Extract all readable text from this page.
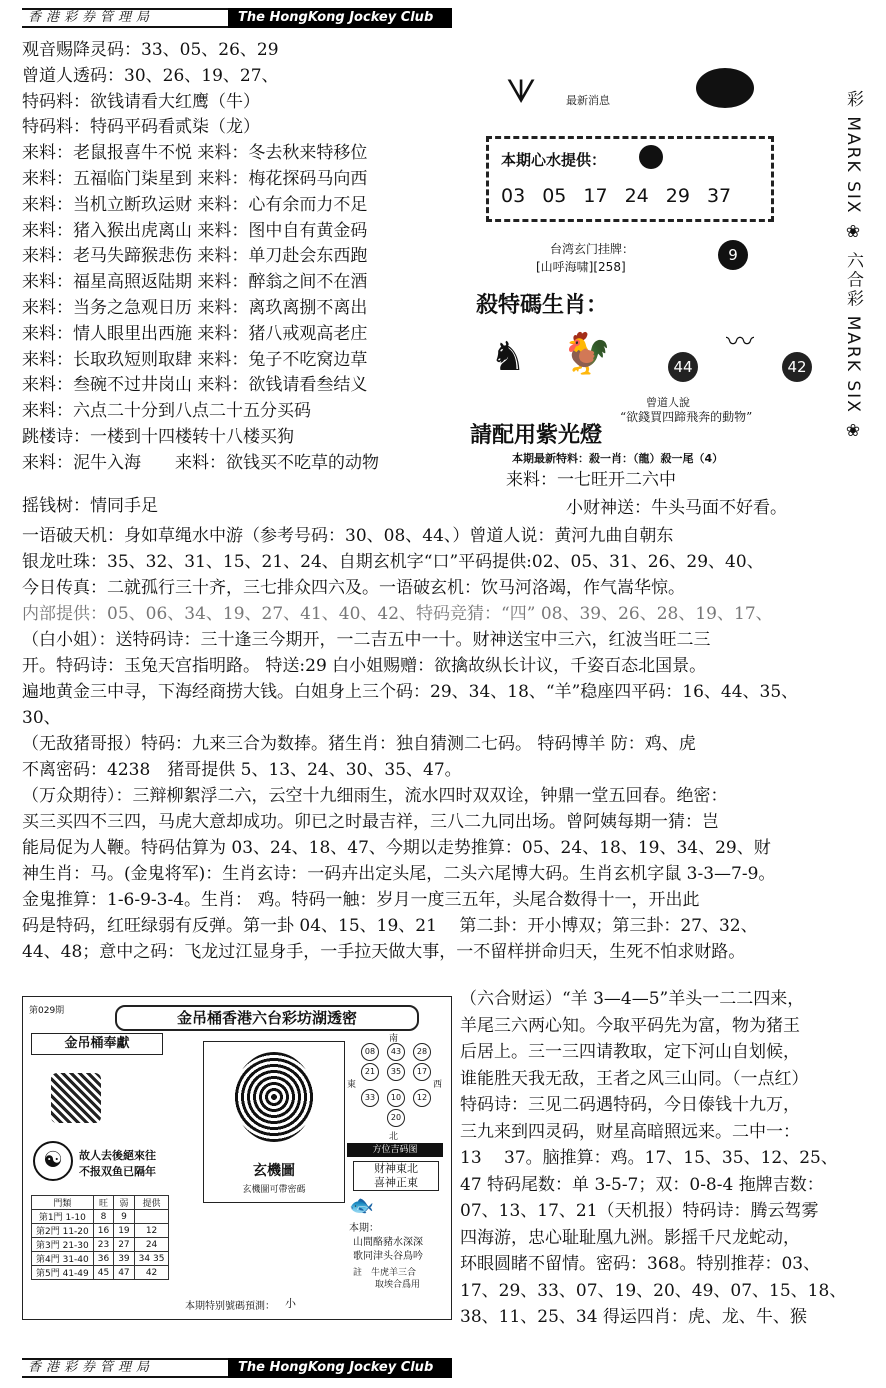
香港彩券管理局	The HongKong Jockey Club
观音赐降灵码：33、05、26、29
曾道人透码：30、26、19、27、
特码料：欲钱请看大红鹰（牛）
特码料：特码平码看贰柒（龙）
来料：老鼠报喜牛不悦 来料：冬去秋来特移位
来料：五福临门柒星到 来料：梅花探码马向西
来料：当机立断玖运财 来料：心有余而力不足
来料：猪入猴出虎离山 来料：图中自有黄金码
来料：老马失蹄猴悲伤 来料：单刀赴会东西跑
来料：福星高照返陆期 来料：醉翁之间不在酒
来料：当务之急观日历 来料：离玖离捌不离出
来料：情人眼里出西施 来料：猪八戒观高老庄
来料：长取玖短则取肆 来料：兔子不吃窝边草
来料：叁碗不过井岗山 来料：欲钱请看叁结义
来料：六点二十分到八点二十五分买码
跳楼诗：一楼到十四楼转十八楼买狗
来料：泥牛入海　　来料：欲钱买不吃草的动物
来料：一七旺开二六中
摇钱树：情同手足	小财神送：牛头马面不好看。
ᗐ	最新消息
本期心水提供：
03 05 17 24 29 37
台湾玄门挂牌：
[山呼海啸][258]
9
殺特碼生肖：
♞ 🐓	〰
44	42
曾道人說
“欲錢買四蹄飛奔的動物”
請配用紫光燈
本期最新特料：殺一肖：（龍）殺一尾（4）
彩 MARK SIX ❀ 六合彩 MARK SIX ❀

一语破天机：身如草绳水中游（参考号码：30、08、44、）曾道人说：黄河九曲自朝东

银龙吐珠：35、32、31、15、21、24、自期玄机字“口”平码提供:02、05、31、26、29、40、

今日传真：二就孤行三十齐，三七排众四六及。一语破玄机：饮马河洛竭，作气嵩华惊。

内部提供：05、06、34、19、27、41、40、42、特码竞猜：“四” 08、39、26、28、19、17、

（白小姐）：送特码诗：三十逢三今期开，一二吉五中一十。财神送宝中三六，红波当旺二三

开。特码诗：玉兔天宫指明路。 特送:29 白小姐赐赠：欲擒故纵长计议，千姿百态北国景。

遍地黄金三中寻，下海经商捞大钱。白姐身上三个码：29、34、18、“羊”稳座四平码：16、44、35、

30、

（无敌猪哥报）特码：九来三合为数捧。猪生肖：独自猜测二七码。 特码博羊 防：鸡、虎

不离密码：4238　猪哥提供 5、13、24、30、35、47。

（万众期待）：三辩柳絮浮二六，云空十九细雨生，流水四时双双诠，钟鼎一堂五回春。绝密：

买三买四不三四，马虎大意却成功。卯已之时最吉祥，三八二九同出场。曾阿姨每期一猜：岂

能局促为人鞭。特码估算为 03、24、18、47、今期以走势推算：05、24、18、19、34、29、财

神生肖：马。(金鬼将军)：生肖玄诗：一码卉出定头尾，二头六尾博大码。生肖玄机字鼠 3-3—7-9。

金鬼推算：1-6-9-3-4。生肖： 鸡。特码一触：岁月一度三五年，头尾合数得十一，开出此

码是特码，红旺绿弱有反弹。第一卦 04、15、19、21　 第二卦：开小博双；第三卦：27、32、

44、48；意中之码：飞龙过江显身手，一手拉天做大事，一不留样拼命归天，生死不怕求财路。

第029期	金吊桶香港六台彩坊湖透密
金吊桶奉獻
☯	故人去後絕來往
不报双鱼已隔年
門類	旺	弱	提供
第1門 1-10	8	9	
第2門 11-20	16	19	12
第3門 21-30	23	27	24
第4門 31-40	36	39	34 35
第5門 41-49	45	47	42
玄機圖
玄機圖可帶密碼
南
東	西
北
08	43	28
21	35	17
33	10	12
20
方位吉码图
财神東北
喜神正東
🐟
本期：
山間酪豬水深深
歌同津头谷鳥吟
註　牛虎羊三合
取埃合爲用
本期特别號碼預測： 小

（六合财运）“羊 3—4—5”羊头一二二四来，

羊尾三六两心知。今取平码先为富，物为猪王

后居上。三一三四请教取，定下河山自划候，

谁能胜天我无敌，王者之风三山同。（一点红）

特码诗：三见二码遇特码，今日傣钱十九万，

三九来到四灵码，财星高暗照远来。二中一：

13　 37。脑推算：鸡。17、15、35、12、25、

47 特码尾数：单 3-5-7；双：0-8-4 拖牌吉数：

07、13、17、21（天机报）特码诗：腾云驾雾

四海游，忠心耻耻凰九洲。影摇千尺龙蛇动，

环眼圆睹不留情。密码：368。特别推荐：03、

17、29、33、07、19、20、49、07、15、18、

38、11、25、34 得运四肖：虎、龙、牛、猴

香港彩券管理局	The HongKong Jockey Club
